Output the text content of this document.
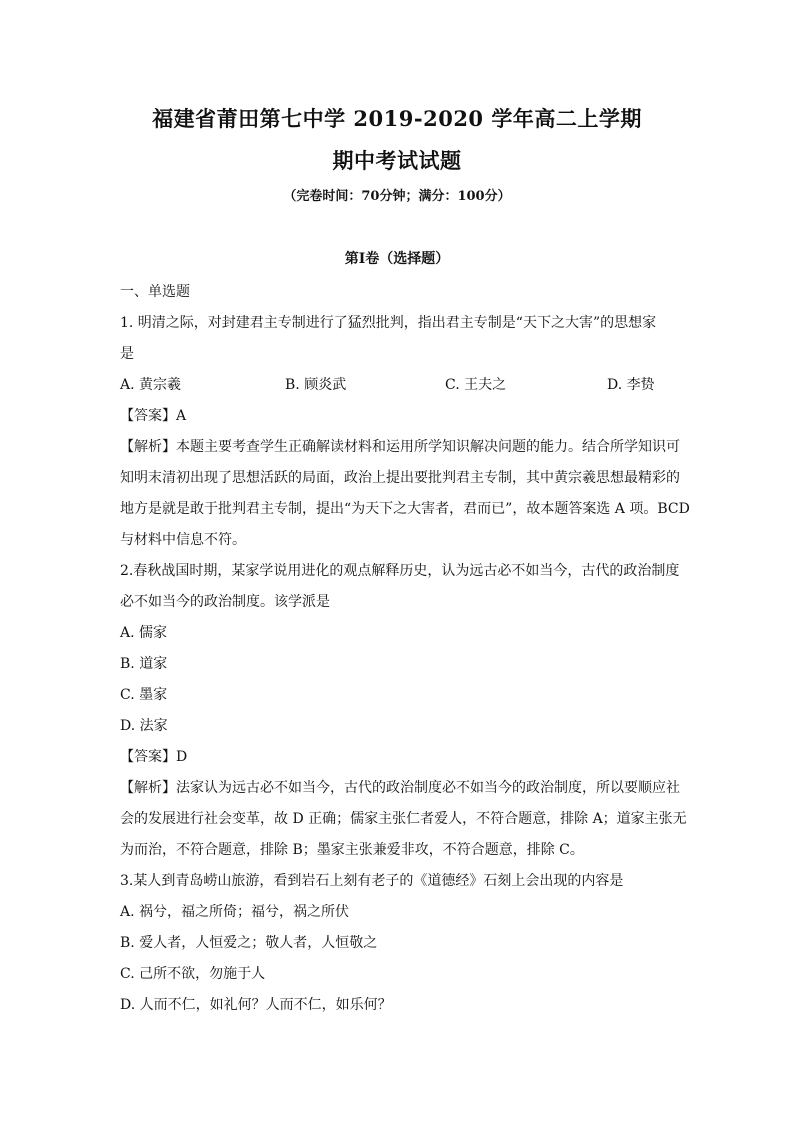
福建省莆田第七中学 2019-2020 学年高二上学期
期中考试试题
（完卷时间：70分钟；满分：100分）
第Ⅰ卷（选择题）
一、单选题
1. 明清之际，对封建君主专制进行了猛烈批判，指出君主专制是“天下之大害”的思想家
是
A. 黄宗羲	B. 顾炎武	C. 王夫之	D. 李贽
【答案】A
【解析】本题主要考查学生正确解读材料和运用所学知识解决问题的能力。结合所学知识可
知明末清初出现了思想活跃的局面，政治上提出要批判君主专制，其中黄宗羲思想最精彩的
地方是就是敢于批判君主专制，提出“为天下之大害者，君而已”，故本题答案选 A 项。BCD
与材料中信息不符。
2.春秋战国时期，某家学说用进化的观点解释历史，认为远古必不如当今，古代的政治制度
必不如当今的政治制度。该学派是
A. 儒家
B. 道家
C. 墨家
D. 法家
【答案】D
【解析】法家认为远古必不如当今，古代的政治制度必不如当今的政治制度，所以要顺应社
会的发展进行社会变革，故 D 正确；儒家主张仁者爱人，不符合题意，排除 A；道家主张无
为而治，不符合题意，排除 B；墨家主张兼爱非攻，不符合题意，排除 C。
3.某人到青岛崂山旅游，看到岩石上刻有老子的《道德经》石刻上会出现的内容是
A. 祸兮，福之所倚；福兮，祸之所伏
B. 爱人者，人恒爱之；敬人者，人恒敬之
C. 己所不欲，勿施于人
D. 人而不仁，如礼何？人而不仁，如乐何？
